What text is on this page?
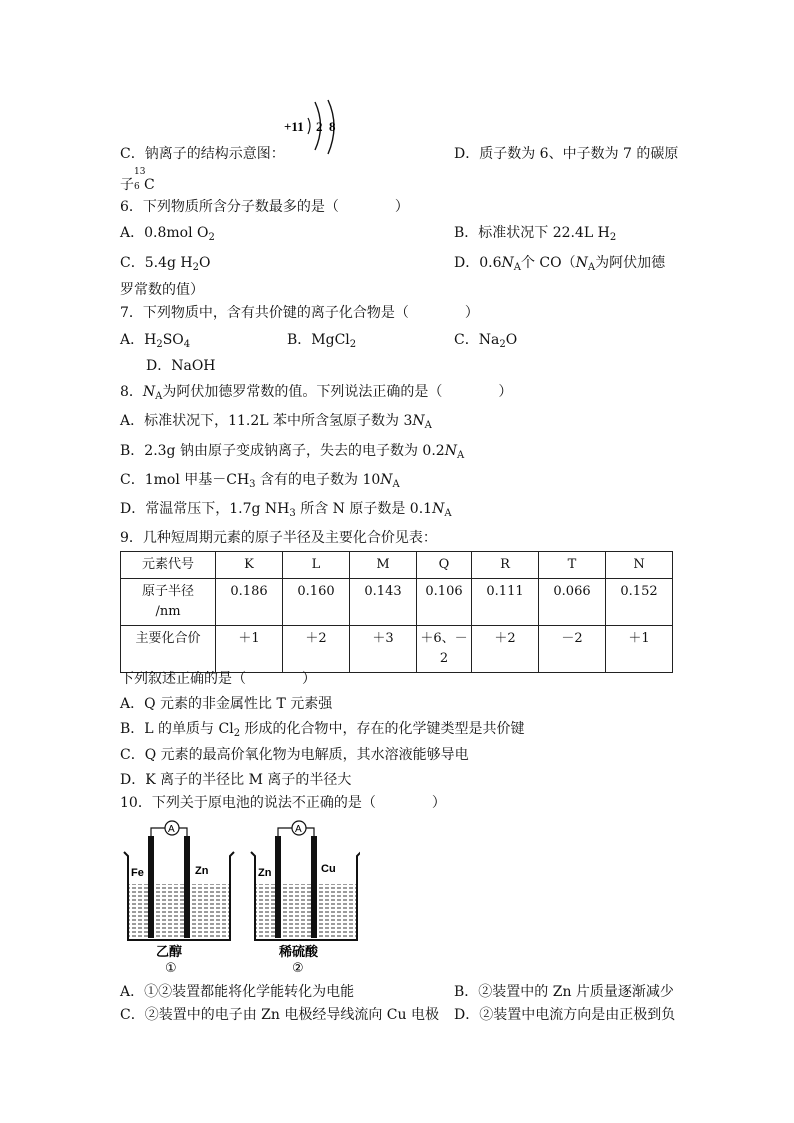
+11 2 8
C．钠离子的结构示意图：	D．质子数为 6、中子数为 7 的碳原
子
13
6 C
6．下列物质所含分子数最多的是（　　　　）
A．0.8mol $O_2$	B．标准状况下 22.4L $H_2$
C．5.4g $H_2O$	D．$0.6N_A$个 $CO(N_A$为阿伏加德
罗常数的值）
7．下列物质中，含有共价键的离子化合物是（　　　　）
A．$H_2SO_4$	B．MgCl$_2$	C．$Na_2O$
D．NaOH
8．$N_A$为阿伏加德罗常数的值。下列说法正确的是（　　　　）
A．标准状况下，11.2L 苯中所含氢原子数为 $3N_A$
B．2.3g 钠由原子变成钠离子，失去的电子数为 $0.2N_A$
C．1mol 甲基$-CH_3$ 含有的电子数为 $10N_A$
D．常温常压下，1.7g $NH_3$ 所含 N 原子数是 $0.1N_A$
9．几种短周期元素的原子半径及主要化合价见表：
元素代号	K	L	M	Q	R	T	N
原子半径
/nm	0.186	0.160	0.143	0.106	0.111	0.066	0.152
主要化合价	＋1	＋2	＋3	＋6、－2	＋2	－2	＋1
下列叙述正确的是（　　　　）
A．Q 元素的非金属性比 T 元素强
B．L 的单质与 $Cl_2$ 形成的化合物中，存在的化学键类型是共价键
C．Q 元素的最高价氧化物为电解质，其水溶液能够导电
D．K 离子的半径比 M 离子的半径大
10．下列关于原电池的说法不正确的是（　　　　）
A
Fe	Zn
乙醇
①
A
Zn	Cu
稀硫酸
②
A．①②装置都能将化学能转化为电能	B．②装置中的 Zn 片质量逐渐减少
C．②装置中的电子由 Zn 电极经导线流向 Cu 电极 D．②装置中电流方向是由正极到负
